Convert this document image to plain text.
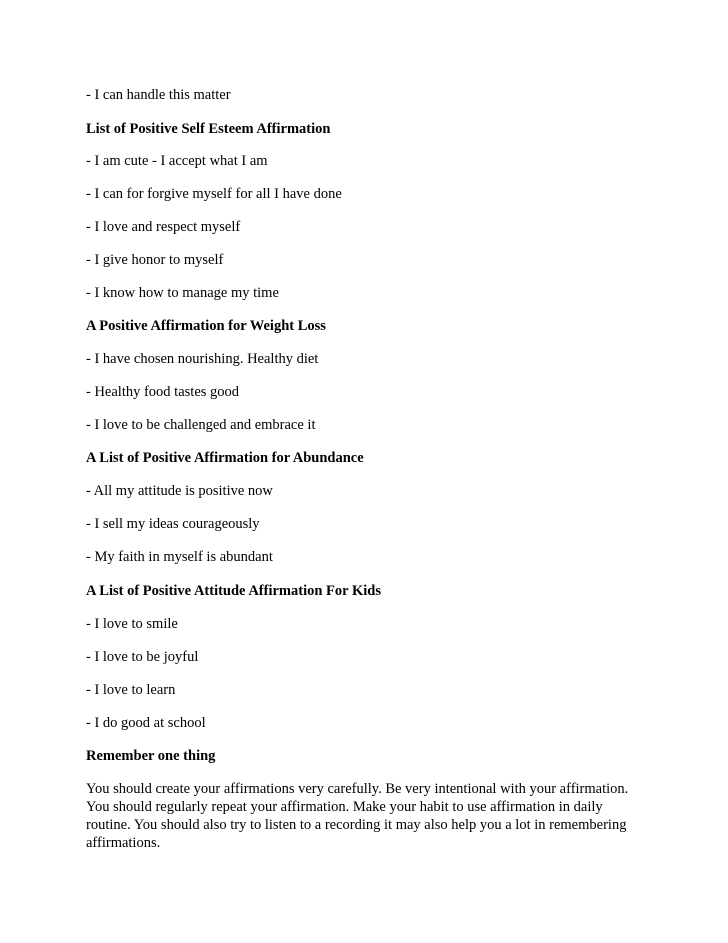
- I can handle this matter
List of Positive Self Esteem Affirmation
- I am cute - I accept what I am
- I can for forgive myself for all I have done
- I love and respect myself
- I give honor to myself
- I know how to manage my time
A Positive Affirmation for Weight Loss
- I have chosen nourishing. Healthy diet
- Healthy food tastes good
- I love to be challenged and embrace it
A List of Positive Affirmation for Abundance
- All my attitude is positive now
- I sell my ideas courageously
- My faith in myself is abundant
A List of Positive Attitude Affirmation For Kids
- I love to smile
- I love to be joyful
- I love to learn
- I do good at school
Remember one thing
You should create your affirmations very carefully. Be very intentional with your affirmation.
You should regularly repeat your affirmation. Make your habit to use affirmation in daily
routine. You should also try to listen to a recording it may also help you a lot in remembering
affirmations.
